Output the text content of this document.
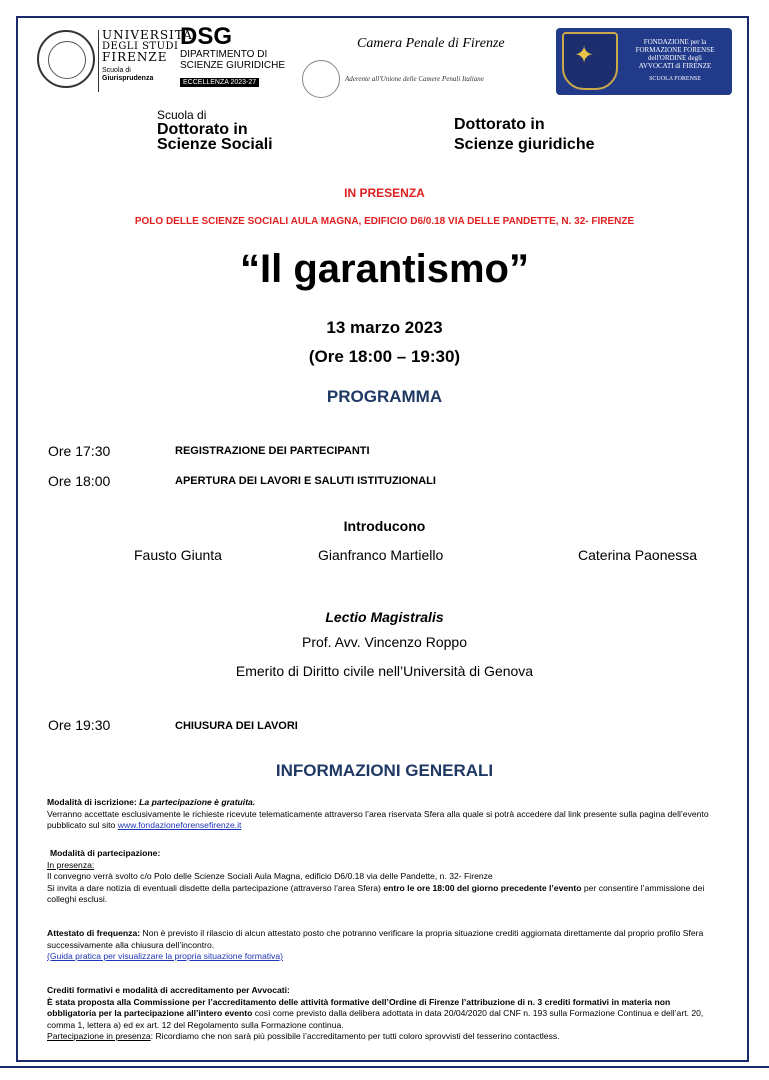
UNIVERSITÀ
DEGLI STUDI
FIRENZE
Scuola di
Giurisprudenza
DSG
DIPARTIMENTO DI
SCIENZE GIURIDICHE
ECCELLENZA 2023-27
Camera Penale di Firenze
Aderente all'Unione delle Camere Penali Italiane
✦	FONDAZIONE per la
FORMAZIONE FORENSE
dell'ORDINE degli
AVVOCATI di FIRENZE
SCUOLA FORENSE
Scuola di
Dottorato in
Scienze Sociali
Dottorato in
Scienze giuridiche
IN PRESENZA
POLO DELLE SCIENZE SOCIALI AULA MAGNA, EDIFICIO D6/0.18 VIA DELLE PANDETTE, N. 32- FIRENZE
“Il garantismo”
13 marzo 2023
(Ore 18:00 – 19:30)
PROGRAMMA
Ore 17:30	REGISTRAZIONE DEI PARTECIPANTI
Ore 18:00	APERTURA DEI LAVORI E SALUTI ISTITUZIONALI
Introducono
Fausto Giunta	Gianfranco Martiello	Caterina Paonessa
Lectio Magistralis
Prof. Avv. Vincenzo Roppo
Emerito di Diritto civile nell’Università di Genova
Ore 19:30	CHIUSURA DEI LAVORI
INFORMAZIONI GENERALI
Modalità di iscrizione: La partecipazione è gratuita.
Verranno accettate esclusivamente le richieste ricevute telematicamente attraverso l’area riservata Sfera alla quale si potrà accedere dal link presente sulla pagina dell’evento pubblicato sul sito www.fondazioneforensefirenze.it
Modalità di partecipazione:
In presenza:
Il convegno verrà svolto c/o Polo delle Scienze Sociali Aula Magna, edificio D6/0.18 via delle Pandette, n. 32- Firenze
Si invita a dare notizia di eventuali disdette della partecipazione (attraverso l’area Sfera) entro le ore 18:00 del giorno precedente l’evento per consentire l’ammissione dei colleghi esclusi.
Attestato di frequenza: Non è previsto il rilascio di alcun attestato posto che potranno verificare la propria situazione crediti aggiornata direttamente dal proprio profilo Sfera successivamente alla chiusura dell’incontro.
(Guida pratica per visualizzare la propria situazione formativa)
Crediti formativi e modalità di accreditamento per Avvocati:
È stata proposta alla Commissione per l’accreditamento delle attività formative dell’Ordine di Firenze l’attribuzione di n. 3 crediti formativi in materia non obbligatoria per la partecipazione all’intero evento così come previsto dalla delibera adottata in data 20/04/2020 dal CNF n. 193 sulla Formazione Continua e dell’art. 20, comma 1, lettera a) ed ex art. 12 del Regolamento sulla Formazione continua.
Partecipazione in presenza: Ricordiamo che non sarà più possibile l’accreditamento per tutti coloro sprovvisti del tesserino contactless.
